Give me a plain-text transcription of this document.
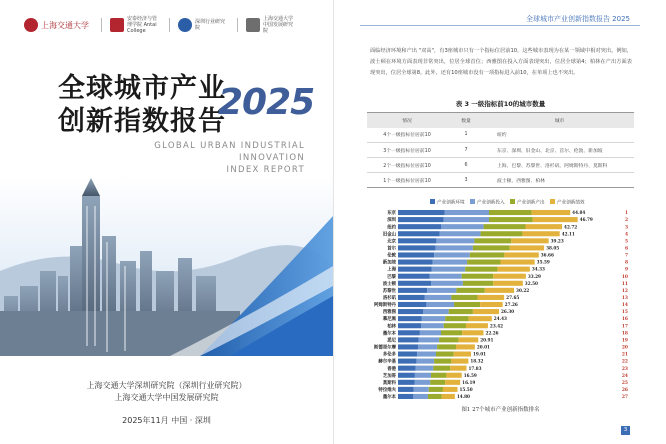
上海交通大学
安泰经济与管理学院 Antai College
深圳行业研究院
上海交通大学中国发展研究院
全球城市产业
创新指数报告
2025
GLOBAL URBAN INDUSTRIAL INNOVATION
INDEX REPORT
上海交通大学深圳研究院（深圳行业研究院）
上海交通大学中国发展研究院
2025年11月 中国 · 深圳
全球城市产业创新指数报告 2025

面临经济环境和产出 "双高"，有3座城市只有一个指标位居前10，这些城市表现为在某一领域中相对突出。例如，波士顿在环境方面表现非常突出，位居全球首位；西雅图在投入方面表现突出，位居全球第4；柏林在产出方面表现突出，位居全球第8。此外，还有10座城市没有一项指标进入前10，在单项上也不突出。

表 3 一级指标前10的城市数量
情况	数量	城市
4个一级指标位居前10	1	纽约
3个一级指标位居前10	7	东京、深圳、旧金山、北京、首尔、伦敦、新加坡
2个一级指标位居前10	6	上海、巴黎、苏黎世、洛杉矶、阿姆斯特丹、莫斯科
1个一级指标位居前10	3	波士顿、西雅图、柏林
产业创新环境	产业创新投入	产业创新产出	产业创新绩效
东京	44.84	1
深圳	46.79	2
纽约	42.72	3
旧金山	42.11	4
北京	39.23	5
首尔	38.05	6
伦敦	36.66	7
新加坡	35.59	8
上海	34.33	9
巴黎	33.29	10
波士顿	32.50	11
苏黎世	30.22	12
洛杉矶	27.65	13
阿姆斯特丹	27.26	14
西雅图	26.30	15
慕尼黑	24.43	16
柏林	23.42	17
墨尔本	22.26	18
悉尼	20.91	19
斯德哥尔摩	20.01	20
多伦多	19.01	21
赫尔辛基	18.32	22
香港	17.83	23
芝加哥	16.59	24
莫斯科	16.19	25
特拉维夫	15.50	26
墨尔本	14.80	27
图1 27个城市产业创新指数排名
3
